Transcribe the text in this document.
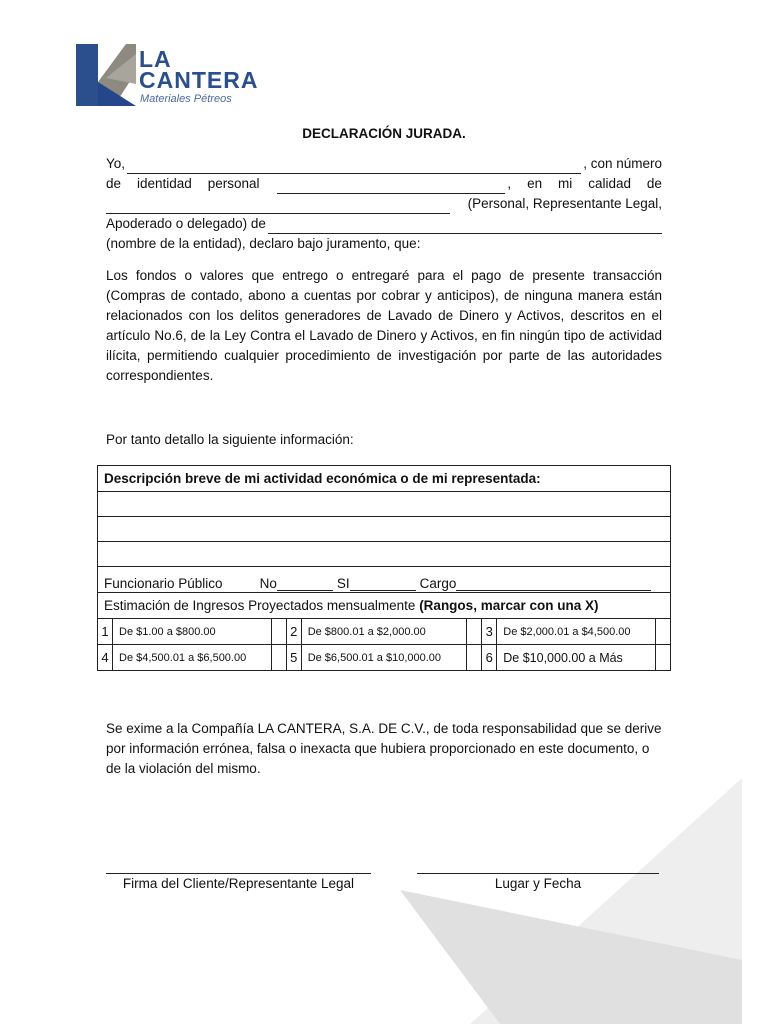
LA
CANTERA
Materiales Pétreos
DECLARACIÓN JURADA.
Yo,	, con número
de identidad personal	, en mi calidad de
(Personal, Representante Legal,
Apoderado o delegado) de
(nombre de la entidad), declaro bajo juramento, que:
Los fondos o valores que entrego o entregaré para el pago de presente transacción (Compras de contado, abono a cuentas por cobrar y anticipos), de ninguna manera están relacionados con los delitos generadores de Lavado de Dinero y Activos, descritos en el artículo No.6, de la Ley Contra el Lavado de Dinero y Activos, en fin ningún tipo de actividad ilícita, permitiendo cualquier procedimiento de investigación por parte de las autoridades correspondientes.
Por tanto detallo la siguiente información:
Descripción breve de mi actividad económica o de mi representada:								

Funcionario Público No SI Cargo								

Estimación de Ingresos Proyectados mensualmente (Rangos, marcar con una X)								
1	De $1.00 a $800.00		2	De $800.01 a $2,000.00		3	De $2,000.01 a $4,500.00	
4	De $4,500.01 a $6,500.00		5	De $6,500.01 a $10,000.00		6	De $10,000.00 a Más	
Se exime a la Compañía LA CANTERA, S.A. DE C.V., de toda responsabilidad que se derive por información errónea, falsa o inexacta que hubiera proporcionado en este documento, o de la violación del mismo.
Firma del Cliente/Representante Legal	Lugar y Fecha
